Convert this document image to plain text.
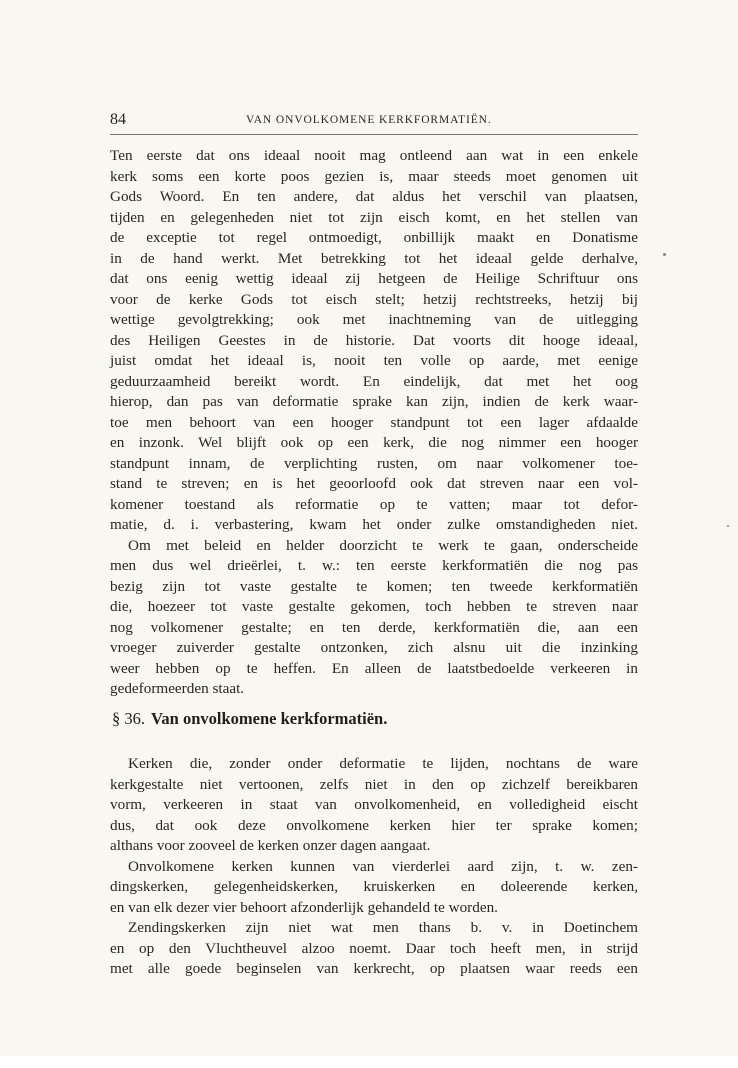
84	VAN ONVOLKOMENE KERKFORMATIËN.
Ten eerste dat ons ideaal nooit mag ontleend aan wat in een enkele
kerk soms een korte poos gezien is, maar steeds moet genomen uit
Gods Woord. En ten andere, dat aldus het verschil van plaatsen,
tijden en gelegenheden niet tot zijn eisch komt, en het stellen van
de exceptie tot regel ontmoedigt, onbillijk maakt en Donatisme
in de hand werkt. Met betrekking tot het ideaal gelde derhalve,
dat ons eenig wettig ideaal zij hetgeen de Heilige Schriftuur ons
voor de kerke Gods tot eisch stelt; hetzij rechtstreeks, hetzij bij
wettige gevolgtrekking; ook met inachtneming van de uitlegging
des Heiligen Geestes in de historie. Dat voorts dit hooge ideaal,
juist omdat het ideaal is, nooit ten volle op aarde, met eenige
geduurzaamheid bereikt wordt. En eindelijk, dat met het oog
hierop, dan pas van deformatie sprake kan zijn, indien de kerk waar-
toe men behoort van een hooger standpunt tot een lager afdaalde
en inzonk. Wel blijft ook op een kerk, die nog nimmer een hooger
standpunt innam, de verplichting rusten, om naar volkomener toe-
stand te streven; en is het geoorloofd ook dat streven naar een vol-
komener toestand als reformatie op te vatten; maar tot defor-
matie, d. i. verbastering, kwam het onder zulke omstandigheden niet.
Om met beleid en helder doorzicht te werk te gaan, onderscheide
men dus wel drieërlei, t. w.: ten eerste kerkformatiën die nog pas
bezig zijn tot vaste gestalte te komen; ten tweede kerkformatiën
die, hoezeer tot vaste gestalte gekomen, toch hebben te streven naar
nog volkomener gestalte; en ten derde, kerkformatiën die, aan een
vroeger zuiverder gestalte ontzonken, zich alsnu uit die inzinking
weer hebben op te heffen. En alleen de laatstbedoelde verkeeren in
gedeformeerden staat.
§ 36. Van onvolkomene kerkformatiën.
Kerken die, zonder onder deformatie te lijden, nochtans de ware
kerkgestalte niet vertoonen, zelfs niet in den op zichzelf bereikbaren
vorm, verkeeren in staat van onvolkomenheid, en volledigheid eischt
dus, dat ook deze onvolkomene kerken hier ter sprake komen;
althans voor zooveel de kerken onzer dagen aangaat.
Onvolkomene kerken kunnen van vierderlei aard zijn, t. w. zen-
dingskerken, gelegenheidskerken, kruiskerken en doleerende kerken,
en van elk dezer vier behoort afzonderlijk gehandeld te worden.
Zendingskerken zijn niet wat men thans b. v. in Doetinchem
en op den Vluchtheuvel alzoo noemt. Daar toch heeft men, in strijd
met alle goede beginselen van kerkrecht, op plaatsen waar reeds een
